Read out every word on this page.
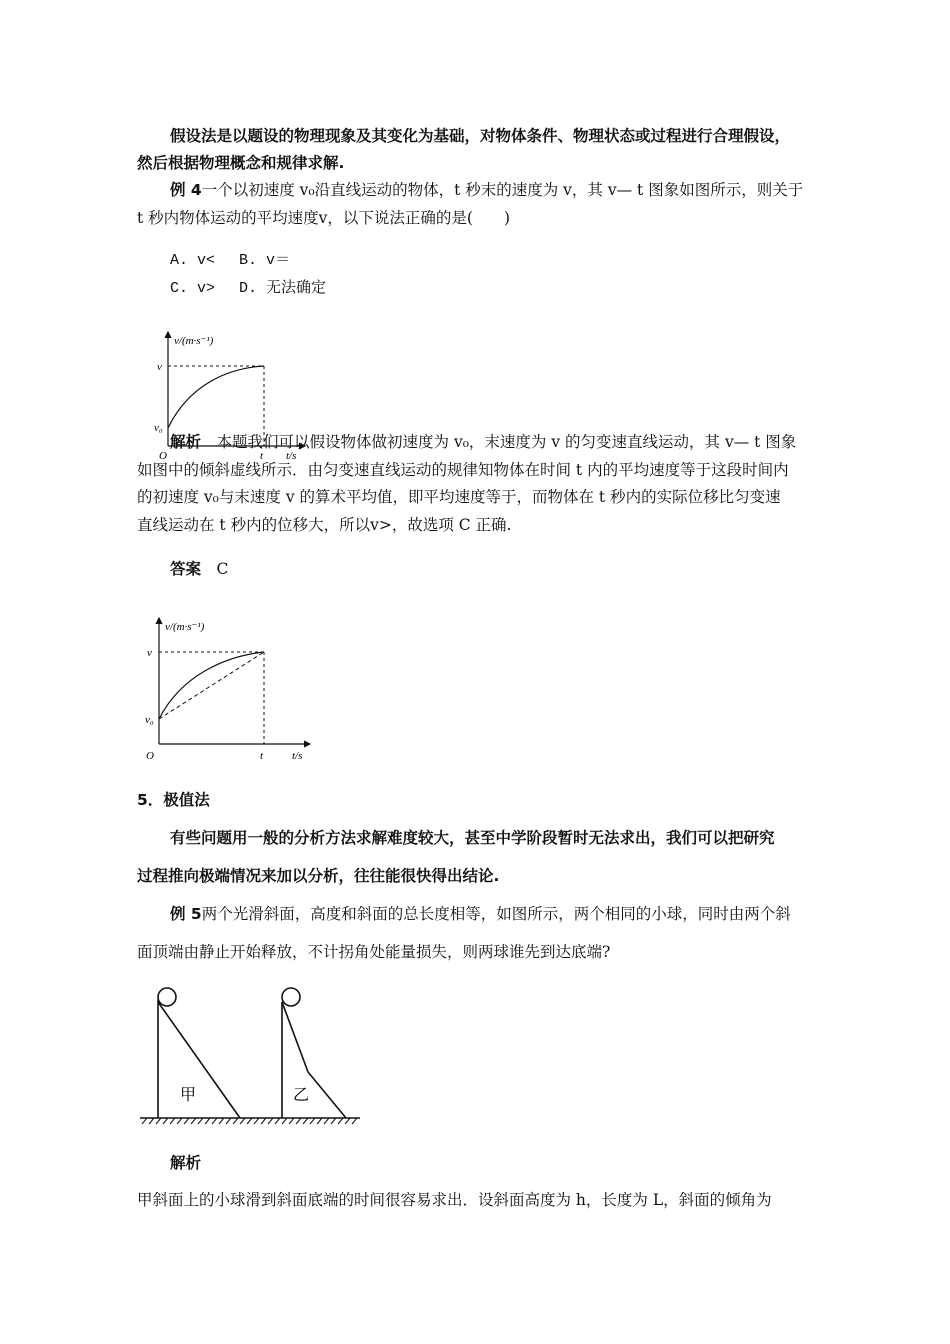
假设法是以题设的物理现象及其变化为基础，对物体条件、物理状态或过程进行合理假设，
然后根据物理概念和规律求解.
例 4一个以初速度 v₀沿直线运动的物体，t 秒末的速度为 v，其 v— t 图象如图所示，则关于
t 秒内物体运动的平均速度v，以下说法正确的是(　　)
A. v< 　B. v＝
C. v> 　D. 无法确定
v/(m·s⁻¹)
v
v₀
O	t t/s
解析　 本题我们可以假设物体做初速度为 v₀，末速度为 v 的匀变速直线运动，其 v— t 图象
如图中的倾斜虚线所示．由匀变速直线运动的规律知物体在时间 t 内的平均速度等于这段时间内
的初速度 v₀与末速度 v 的算术平均值，即平均速度等于，而物体在 t 秒内的实际位移比匀变速
直线运动在 t 秒内的位移大，所以v>，故选项 C 正确.
答案　 C
v/(m·s⁻¹)
v
v₀
O	t	t/s
5．极值法
有些问题用一般的分析方法求解难度较大，甚至中学阶段暂时无法求出，我们可以把研究
过程推向极端情况来加以分析，往往能很快得出结论.
例 5两个光滑斜面，高度和斜面的总长度相等，如图所示，两个相同的小球，同时由两个斜
面顶端由静止开始释放，不计拐角处能量损失，则两球谁先到达底端?
甲	乙
解析
甲斜面上的小球滑到斜面底端的时间很容易求出．设斜面高度为 h，长度为 L，斜面的倾角为
